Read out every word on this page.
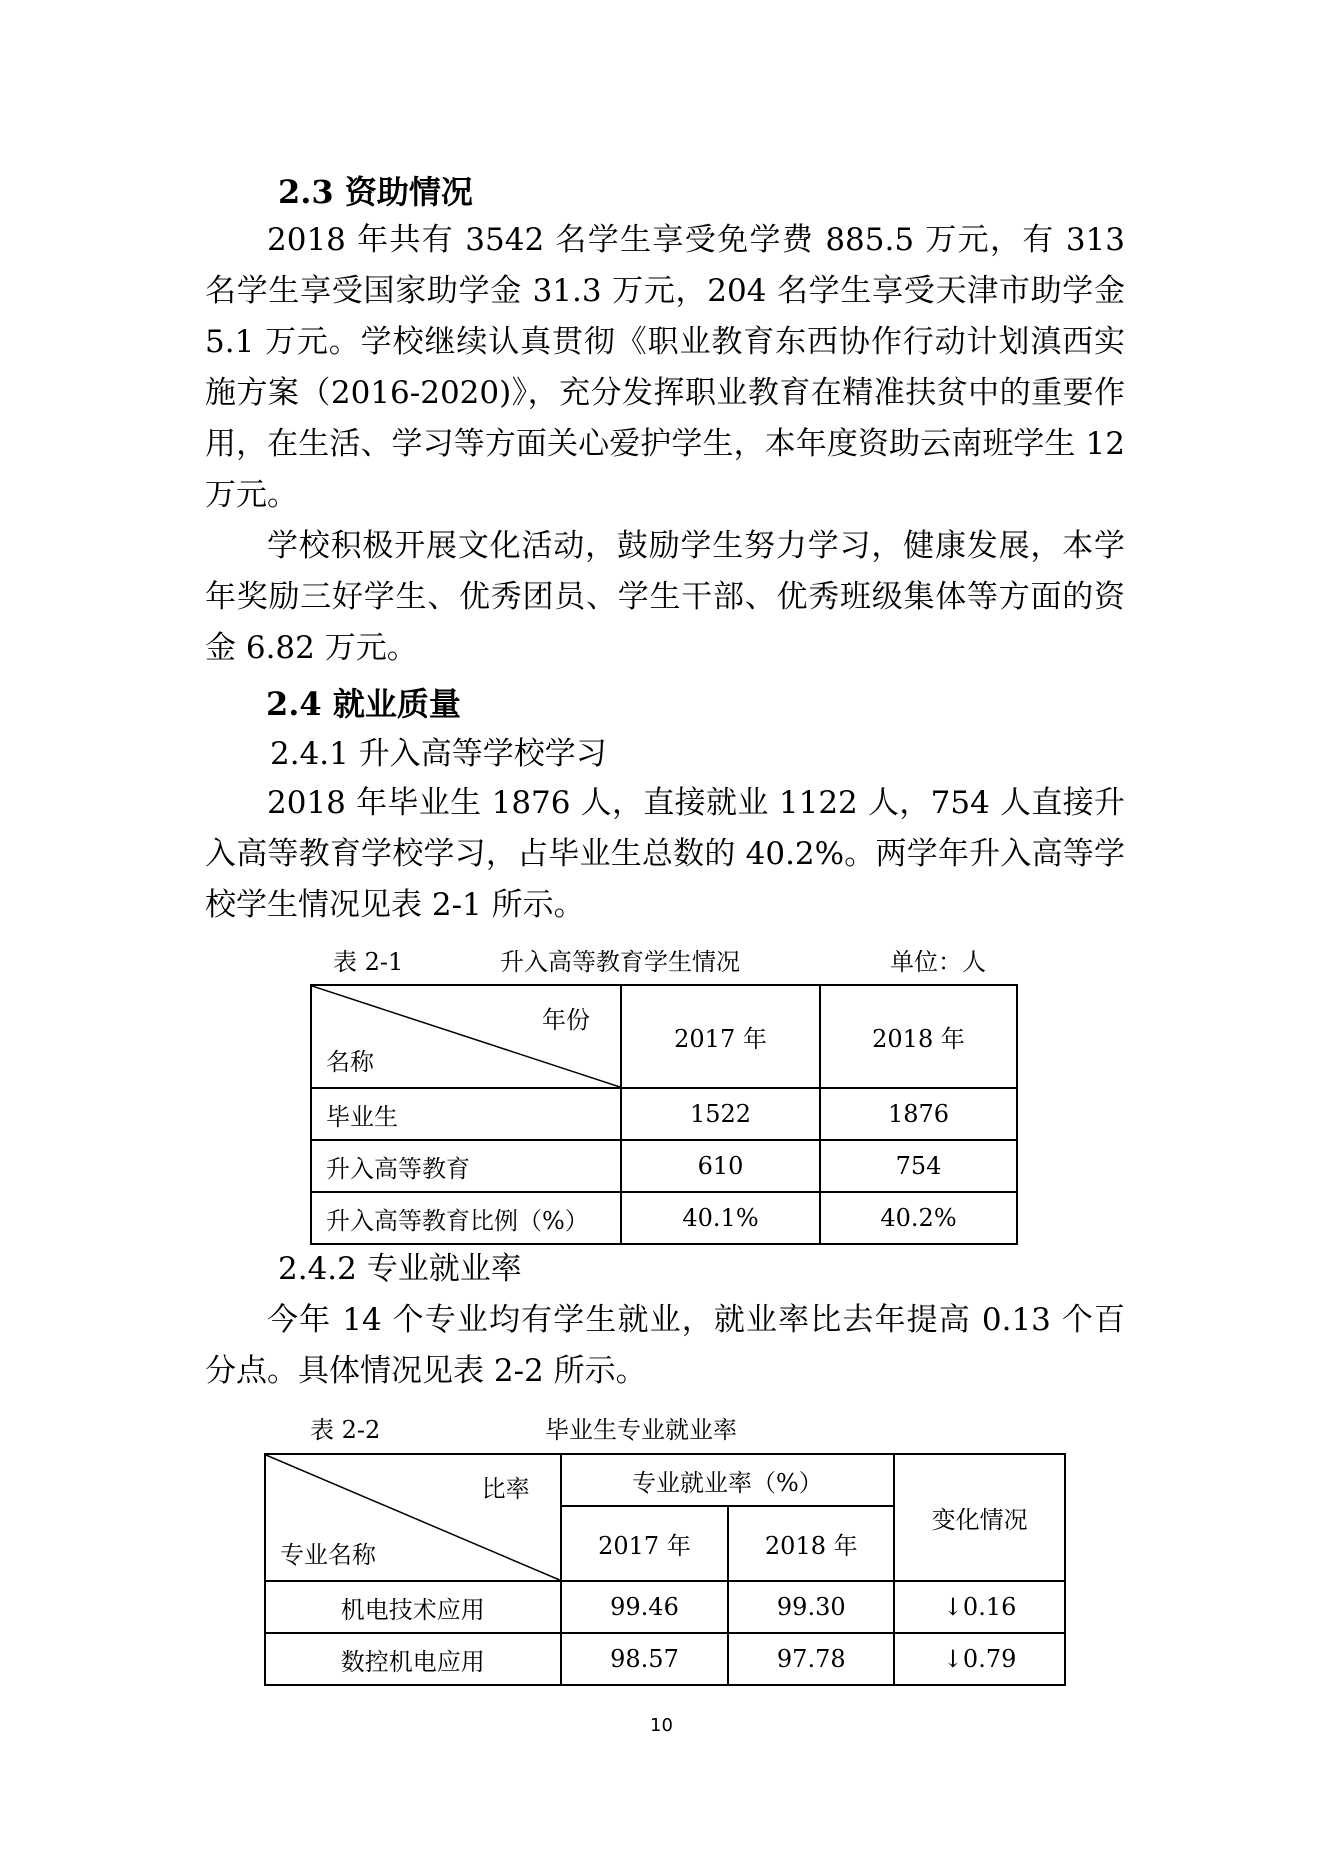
2.3 资助情况
2018 年共有 3542 名学生享受免学费 885.5 万元，有 313 名学生享受国家助学金 31.3 万元，204 名学生享受天津市助学金 5.1 万元。学校继续认真贯彻《职业教育东西协作行动计划滇西实施方案（2016-2020)》，充分发挥职业教育在精准扶贫中的重要作用，在生活、学习等方面关心爱护学生，本年度资助云南班学生 12 万元。
学校积极开展文化活动，鼓励学生努力学习，健康发展，本学年奖励三好学生、优秀团员、学生干部、优秀班级集体等方面的资金 6.82 万元。
2.4 就业质量
2.4.1 升入高等学校学习
2018 年毕业生 1876 人，直接就业 1122 人，754 人直接升入高等教育学校学习，占毕业生总数的 40.2%。两学年升入高等学校学生情况见表 2-1 所示。
表 2-1	升入高等教育学生情况	单位：人
年份
名称	2017 年	2018 年
毕业生	1522	1876
升入高等教育	610	754
升入高等教育比例（%）	40.1%	40.2%
2.4.2 专业就业率
今年 14 个专业均有学生就业，就业率比去年提高 0.13 个百分点。具体情况见表 2-2 所示。
表 2-2	毕业生专业就业率
比率
专业名称	专业就业率（%）		变化情况
	2017 年	2018 年	
机电技术应用	99.46	99.30	↓0.16
数控机电应用	98.57	97.78	↓0.79
10
